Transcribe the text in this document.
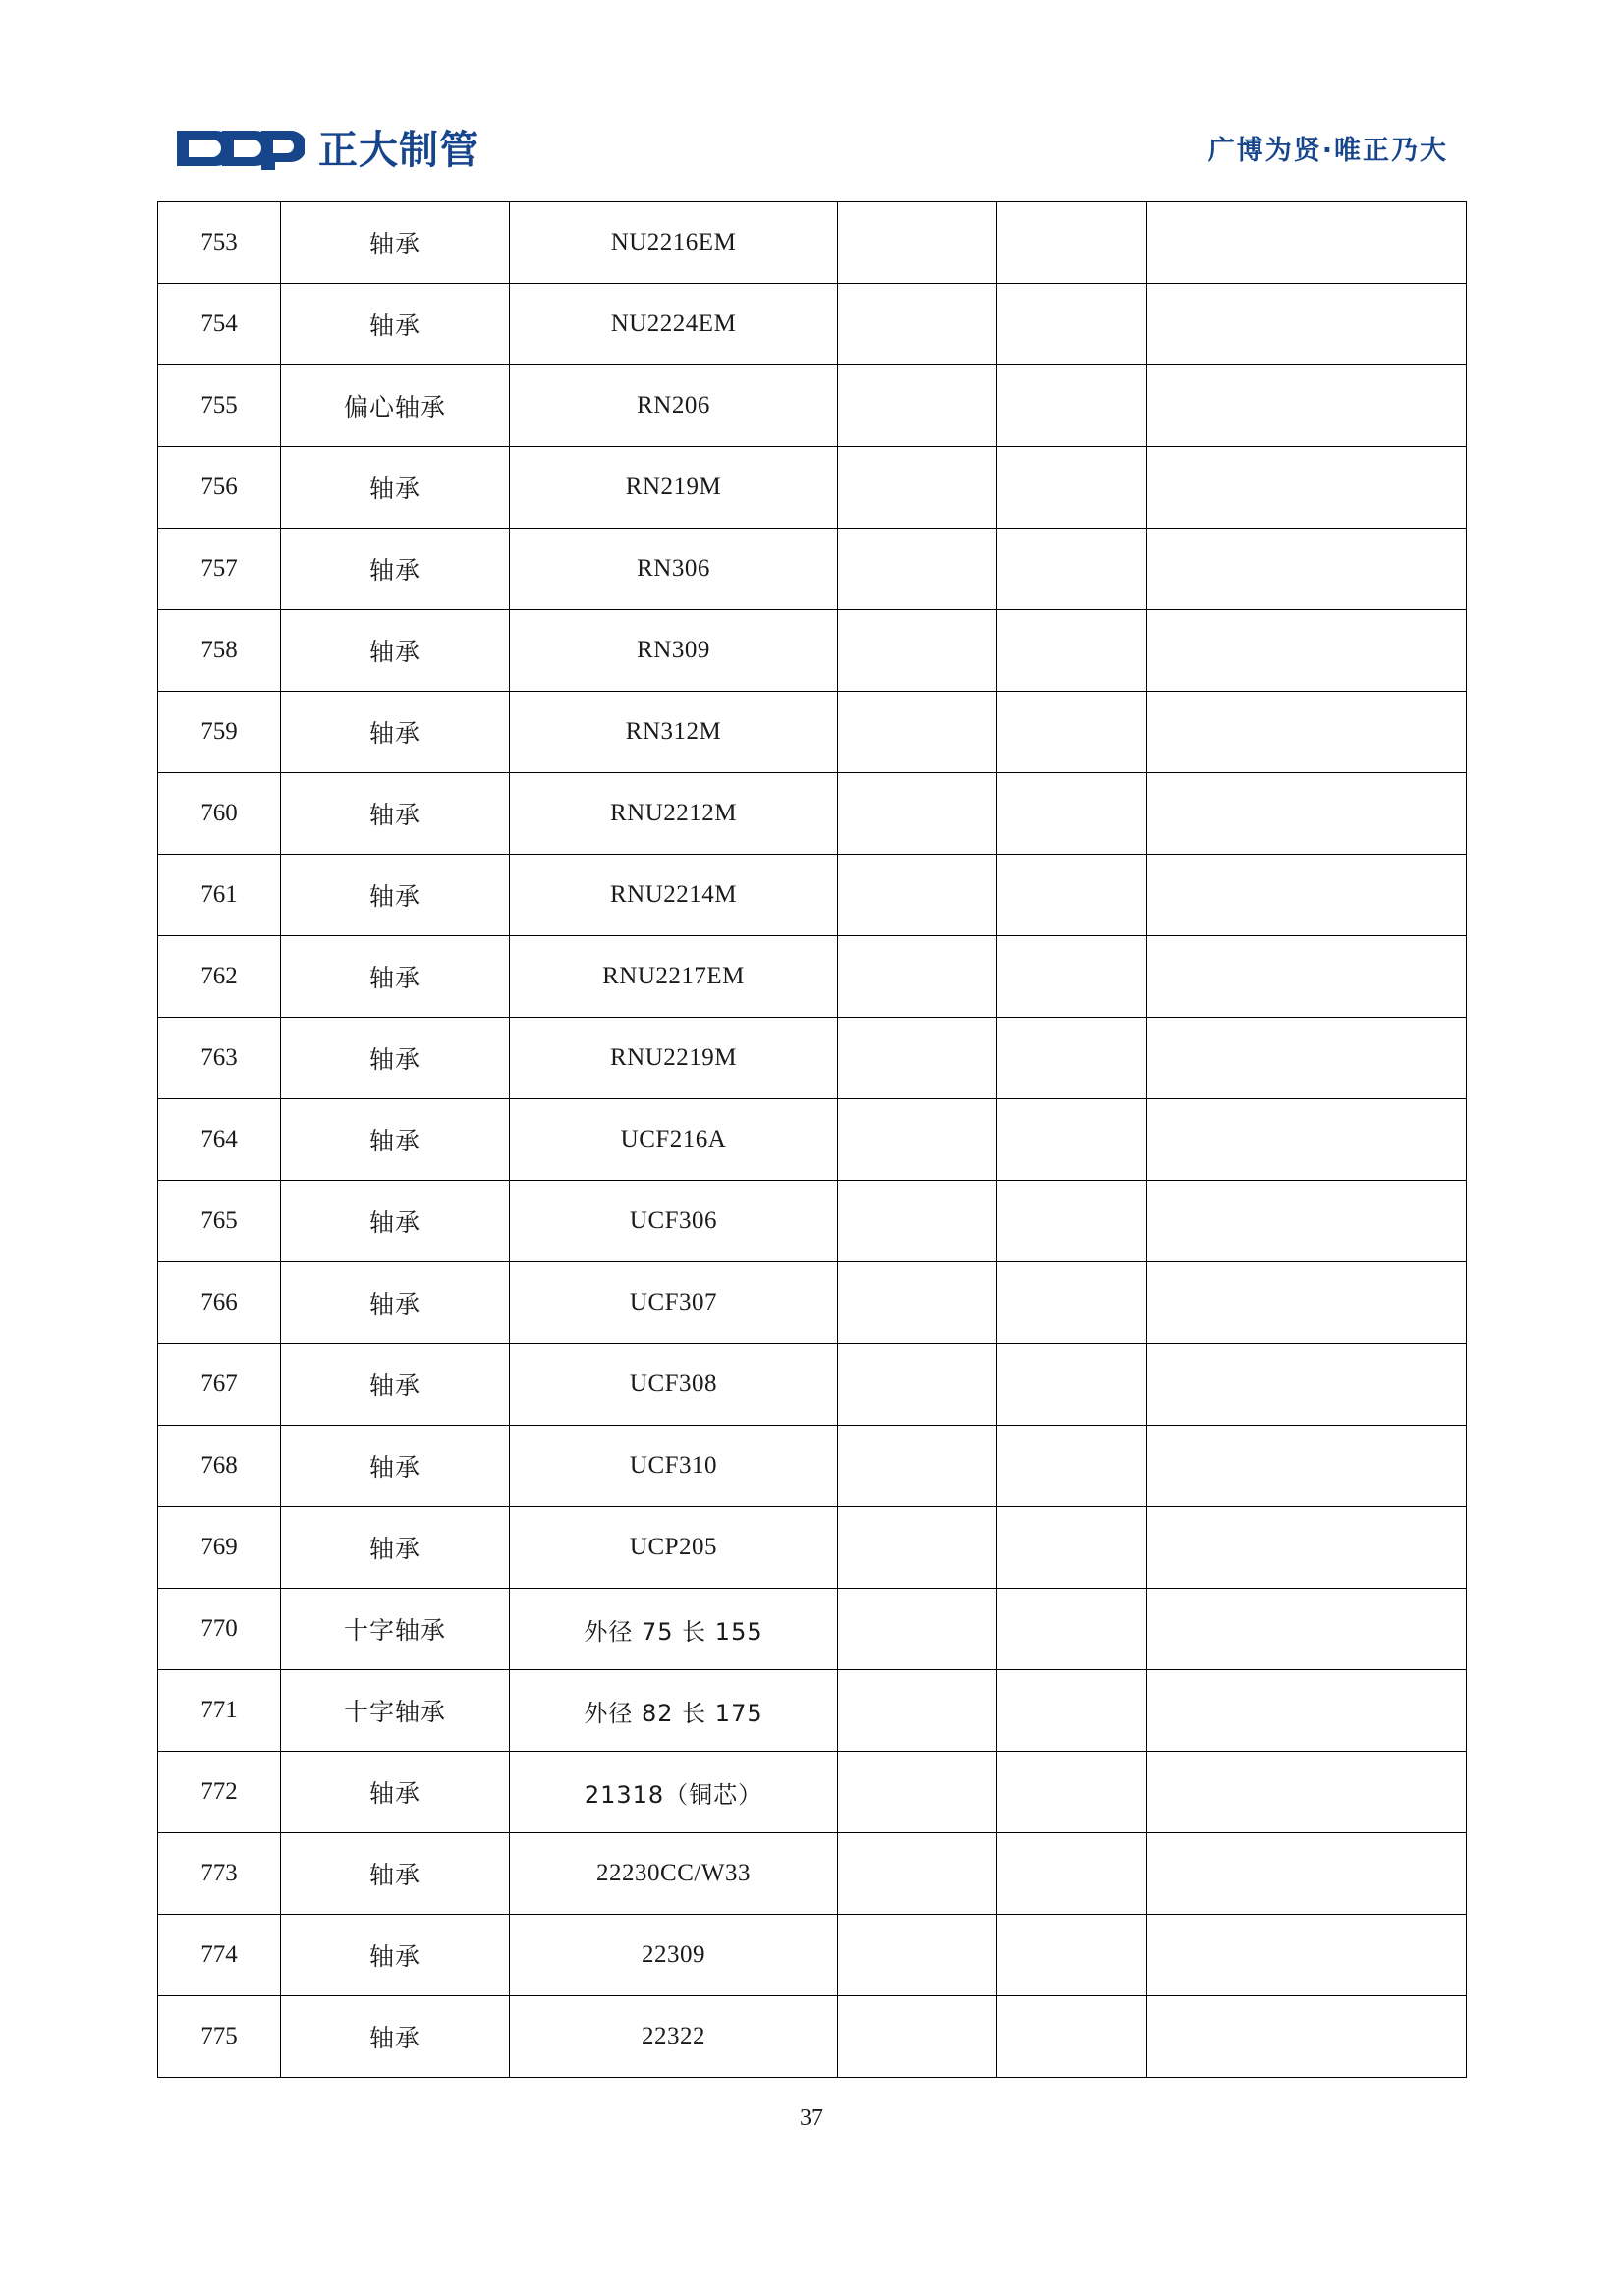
正大制管	广博为贤·唯正乃大
753	轴承	NU2216EM			
754	轴承	NU2224EM			
755	偏心轴承	RN206			
756	轴承	RN219M			
757	轴承	RN306			
758	轴承	RN309			
759	轴承	RN312M			
760	轴承	RNU2212M			
761	轴承	RNU2214M			
762	轴承	RNU2217EM			
763	轴承	RNU2219M			
764	轴承	UCF216A			
765	轴承	UCF306			
766	轴承	UCF307			
767	轴承	UCF308			
768	轴承	UCF310			
769	轴承	UCP205			
770	十字轴承	外径 75 长 155			
771	十字轴承	外径 82 长 175			
772	轴承	21318（铜芯）			
773	轴承	22230CC/W33			
774	轴承	22309			
775	轴承	22322			
37
